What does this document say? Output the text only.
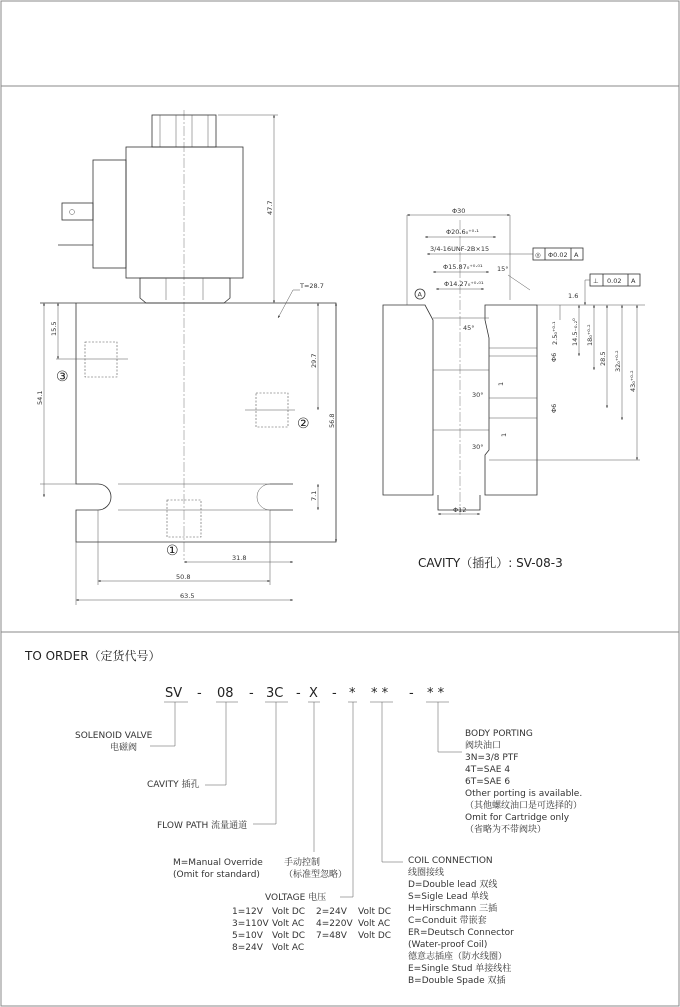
47.7
T=28.7
15.5
54.1
29.7
56.8
7.1
31.8
50.8
63.5
①
②
③
Φ30
Φ20.6₀⁺⁰·¹
3/4-16UNF-2B×15
◎ Φ0.02 A
Φ15.87₀⁺⁰·⁰¹ 15°
Φ14.27₀⁺⁰·⁰¹	⊥ 0.02 A
A	1.6
45°	2.5₀⁺⁰·¹ 14.5₋₀.₂⁰ 18₀⁺⁰·²
28.5 32₀⁺⁰·²
43₀⁺⁰·²
Φ6
Φ6
30°
30°
1
1
Φ12
CAVITY（插孔）: SV-08-3
TO ORDER（定货代号）
SV - 08 - 3C - X - * * * - * *
SOLENOID VALVE
电磁阀
CAVITY 插孔
FLOW PATH 流量通道
M=Manual Override 手动控制
(Omit for standard)	（标准型忽略）
VOLTAGE 电压
1=12V Volt DC 2=24V Volt DC
3=110V Volt AC 4=220V Volt AC
5=10V Volt DC 7=48V Volt DC
8=24V Volt AC
COIL CONNECTION
线圈接线
D=Double lead 双线
S=Sigle Lead 单线
H=Hirschmann 三插
C=Conduit 带嵌套
ER=Deutsch Connector
(Water-proof Coil)
德意志插座（防水线圈）
E=Single Stud 单接线柱
B=Double Spade 双插
BODY PORTING
阀块油口
3N=3/8 PTF
4T=SAE 4
6T=SAE 6
Other porting is available.
（其他螺纹油口是可选择的）
Omit for Cartridge only
（省略为不带阀块）
